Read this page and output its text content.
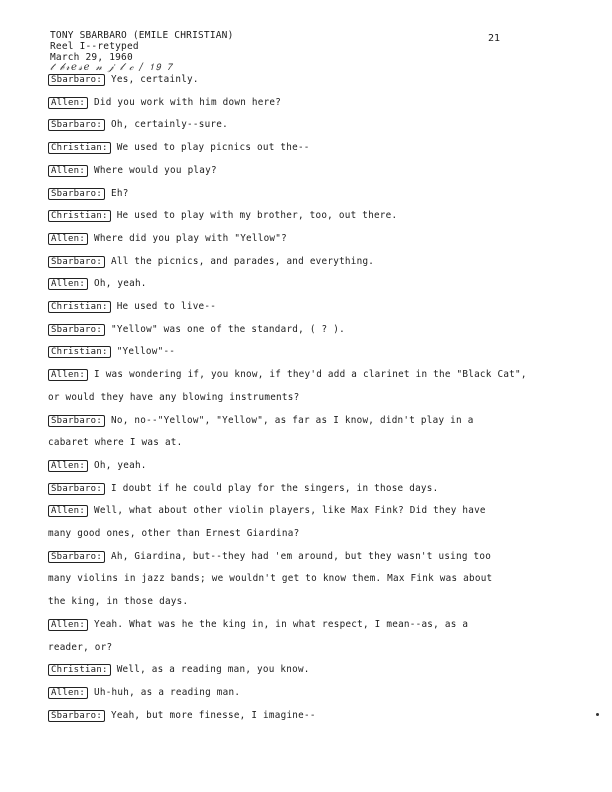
TONY SBARBARO (EMILE CHRISTIAN)
Reel I--retyped
March 29, 1960
𝓉 𝒷𝓇𝑒𝓈𝑒 𝓃 𝒿 𝓁 𝒸 / 𝟣𝟫 𝟩
21
Sbarbaro: Yes, certainly.
Allen: Did you work with him down here?
Sbarbaro: Oh, certainly--sure.
Christian: We used to play picnics out the--
Allen: Where would you play?
Sbarbaro: Eh?
Christian: He used to play with my brother, too, out there.
Allen: Where did you play with "Yellow"?
Sbarbaro: All the picnics, and parades, and everything.
Allen: Oh, yeah.
Christian: He used to live--
Sbarbaro: "Yellow" was one of the standard, ( ? ).
Christian: "Yellow"--
Allen: I was wondering if, you know, if they'd add a clarinet in the "Black Cat",
or would they have any blowing instruments?
Sbarbaro: No, no--"Yellow", "Yellow", as far as I know, didn't play in a
cabaret where I was at.
Allen: Oh, yeah.
Sbarbaro: I doubt if he could play for the singers, in those days.
Allen: Well, what about other violin players, like Max Fink? Did they have
many good ones, other than Ernest Giardina?
Sbarbaro: Ah, Giardina, but--they had 'em around, but they wasn't using too
many violins in jazz bands; we wouldn't get to know them. Max Fink was about
the king, in those days.
Allen: Yeah. What was he the king in, in what respect, I mean--as, as a
reader, or?
Christian: Well, as a reading man, you know.
Allen: Uh-huh, as a reading man.
Sbarbaro: Yeah, but more finesse, I imagine--
